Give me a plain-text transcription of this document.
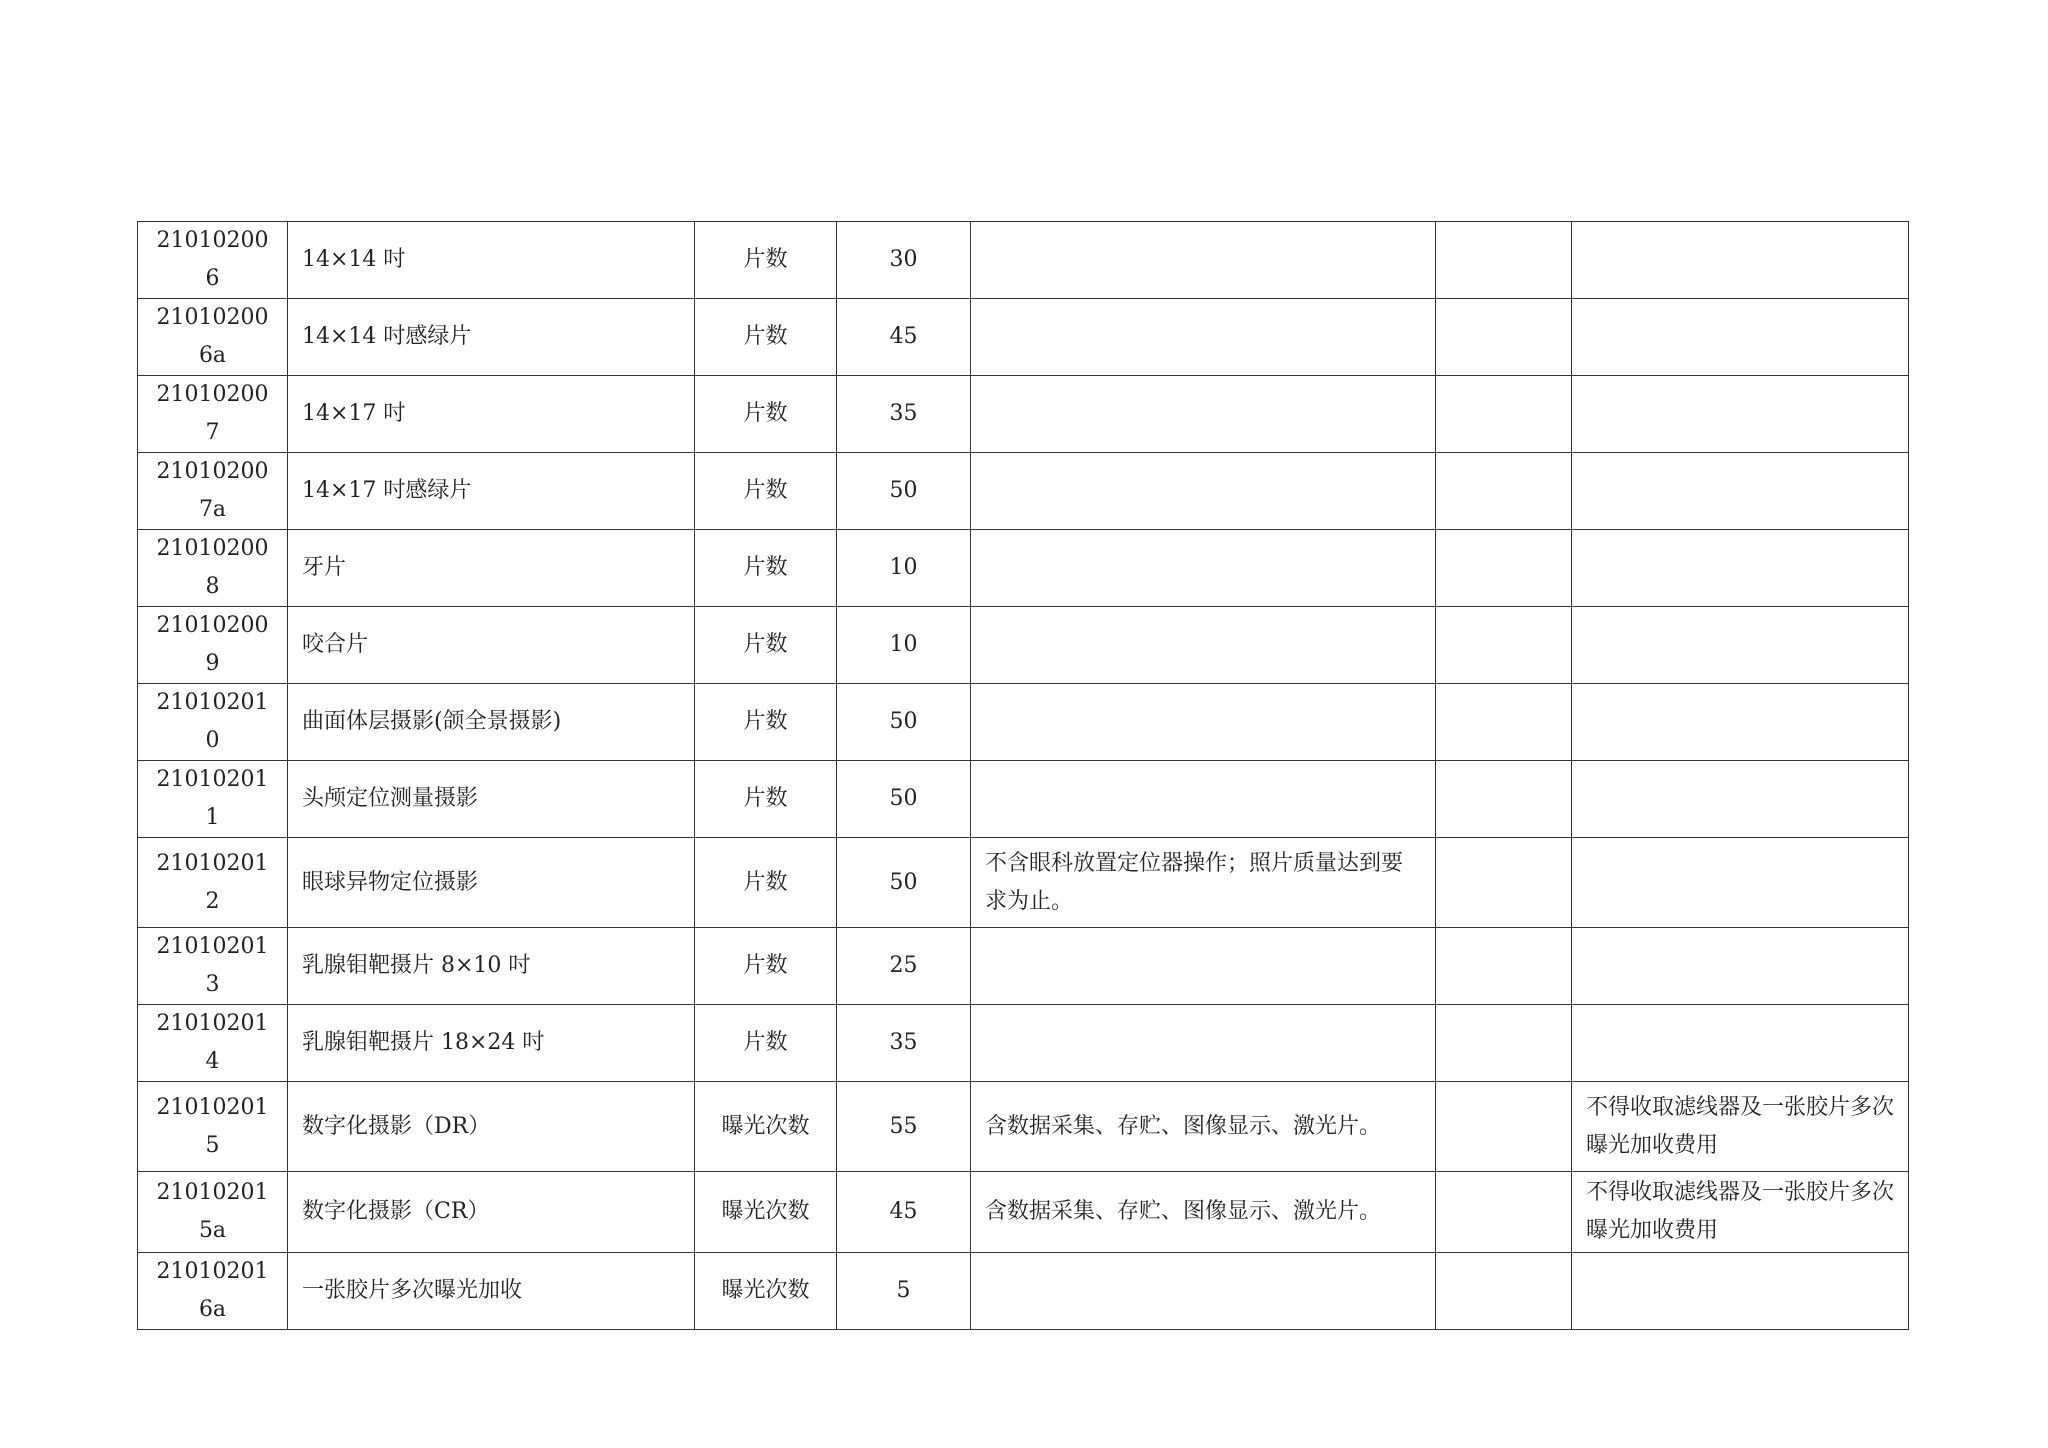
210102006	14×14 吋	片数	30			
210102006a	14×14 吋感绿片	片数	45			
210102007	14×17 吋	片数	35			
210102007a	14×17 吋感绿片	片数	50			
210102008	牙片	片数	10			
210102009	咬合片	片数	10			
210102010	曲面体层摄影(颌全景摄影)	片数	50			
210102011	头颅定位测量摄影	片数	50			
210102012	眼球异物定位摄影	片数	50	不含眼科放置定位器操作；照片质量达到要求为止。		
210102013	乳腺钼靶摄片 8×10 吋	片数	25			
210102014	乳腺钼靶摄片 18×24 吋	片数	35			
210102015	数字化摄影（DR）	曝光次数	55	含数据采集、存贮、图像显示、激光片。		不得收取滤线器及一张胶片多次曝光加收费用
210102015a	数字化摄影（CR）	曝光次数	45	含数据采集、存贮、图像显示、激光片。		不得收取滤线器及一张胶片多次曝光加收费用
210102016a	一张胶片多次曝光加收	曝光次数	5			
